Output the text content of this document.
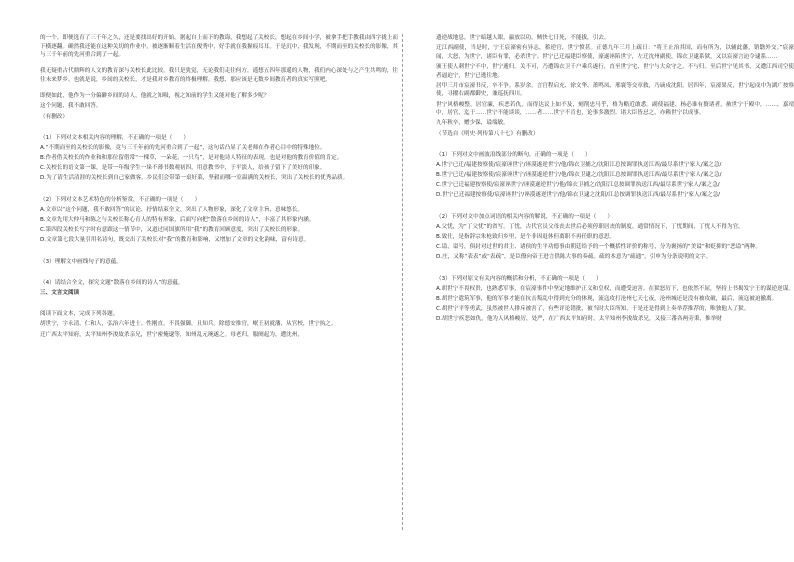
的一个。即便选育了三千年之久，还是要找出好的开始。据起自上而下的教诲，我想起了关校长，想起在乡间小学，被拿手把手教我由四字拢上而下横逐翻。确然我还能在这种关切的作业中，被逐渐顺着生活在俊秀中，好手就在我握痕耳耳。于是沉中，我发现，不期而至的关校长的影像，其与三千年前的先河重合到了一起。

我无疑重古代鼎辉的人文的教育深与关校长此比较，我只是犹觉，无论我们走往何方，遥想五四年那遥的人物，我们内心深处与之产生共鸣的，往往未来梦乡。也就是说，乡间的关校长，才是我对乡教育的终极理解。我想，那应该是无数乡间教育者的真实写照吧。

即便如此，他作为一分偏僻乡间的诗人，他就之知吸，视之知前的学生又能对他了解多少呢？

这个问题，我不敢回答。

（有删改）

（1）下列对文本相关内容的理解，不正确的一项是（　　）

A.“不期而至的关校长的影像，竟与三千年前的先河重合到了一起”，这句话凸显了关老师在作者心目中的特殊地位。

B.作者借关校长的作业和和那位留借常“一棵草，一朵花，一只鸟”，是对他诗人特征的表现，也是对他的教育价值的肯定。

C.关校长的语文第一课，是带一年级学生一垛不薄书数观初四，用意教书中，于平淡人，给孩子留下了美好的印象。

D.为了请生活清涯的关校长到自己家做客，乡民们会带第一桌好菜，坚毅而哪一室温满的关校长，突出了关校长的优秀品质。

（2）下列对文本艺术特色的分析鉴赏，不正确的一项是（　　）

A.文章以“这个问题，我不敢回答”的议论、抒情结束全文，突出了人物形象，深化了文章主旨，意味悠长。

B.文章先用大仲马和陈之与关校长称心育人的特有形象，后面写向把“散落在乡间的诗人”，丰富了其形象内涵。

C.第四段关校长写字时有意跟这一情节中，又道过同国旗所用“我”的教育回顾意度，突出了关校长的形象。

D.文章第七段大量引用名诗句，既交出了关校长对“我”的教育和影响，又增加了文章的文化韵味，富有诗意。

（3）理解文中画线句子的意蕴。

（4）请结合全文，探究文题“散落在乡间的诗人”的意蕴。

三、文言文阅读

阅读下面文本，完成下列各题。

胡世宁，字永清，仁和人，弘治六年进士。性刚直，不畏强御，且知兵。除德安推官，岷王初就藩，从官校，世宁执之。

迁广西太平知府，太平知州李浚故杀亲兄，世宁密掩逮等，知州乱元琬遂之。母老归，服阕起为，遭沈州，

遗逆战地息，世宁暗越人眼，羸放以功。贼快七日死，不能拔，引去。

迁江西副使，当是时，宁王宸濠密有异志，蓄逆官，世宁愤甚。正德九年三月上疏日：“将王止治其国，而有所为，以辅此藩，销翳外交。”宸濠闻，大怒，为世宁，诸臣有罪，必杀世宁。世宁已迁福建臣察使，濠遂诬陷世宁，左迁沈州副使，锦衣卫逮系狱，又以宸濠言迫令逮系……

颁王使人刺世宁不中，世宁遁归。关不可，乃遭锦衣卫千户乘兵遂行，直至世宁宅，世宁与大众守之，不与归。至后世宁见其书，又遭江西司空使者逼迫宁，世宁已逃往地。

居甲三月市宸濠书反，卒不争。系岁余，言官程启充、徐文华、萧鸣凤、邢寰等交章救，乃谪戍沈阳。居四年，宸濠果反，世宁起戍中为湖广按察使，寻擢右副都御史，兼巡抚四川。

世宁风格峻整，居官廉，疾恶若仇，而得达议上如不及，刻削忠马乎，格为略近敢悉。副使福建、杨必谁有赘诸者，赦世宁于殿中，……，嘉靖中，居官，迄于……世宁不能谈谈，……者……世宁不肯也，论事多激烈。诸大臣皆忌之，亦赖世宁以成事。

九年秋卒，赠少保，谥端敏。

（节选自《明史·列传第八十七》有删改）

（1）下列对文中画波浪线部分的断句，正确的一项是（　　）

A.世宁已迁/福建按察使/宸濠诬世宁/诬漠遂逆世宁/他/锦衣卫捕之/沈阳江总按调罪执送江西/最尽系世宁家人/案之急/

B.世宁已迁/福建按察使/宸濠诬世宁/诬漠遂逆世宁/他/锦衣卫逮之/沈阳江总按调罪执送江西/最尽系世宁家人/案之急/

C.世宁已迁福建按察使/宸濠诬世宁/诬漠遂逆世宁/他/锦衣卫捕之/沈阳江总按调罪执送江西/最尽系世宁家人/案之急/

D.世宁已迁福建按察使/宸濠诬世宁/诬漠遂逆世宁/他/锦衣卫逮之沈阳/江总按调罪执送江西/最尽系世宁家人/案之急/

（2）下列对文中加点词语的相关内容的解说，不正确的一项是（　　）

A.父忧，为“丁父忧”的省写。丁忧，古代官员父母丧去世后必须停职居丧的制度。通常情况下，丁忧期间，丁忧人不得为官。

B.致仕，是指辞宗朱枪致归乡里，是个非因退休但离职不再任职的意思。

C.谥，谥号，俱封对过世的君主、诸侯的生平功德事由朝廷给予的一个概括性评价的称号，分为褒扬的“美谥”和贬抑的“恶谥”两种。

D.庄，又称“表表”或“表疏”，是臣僚向帝王进言供陈大事的奏疏。疏的本意为“疏通”，引申为分条说明的文字。

（3）下列对原文有关内容的概括和分析，不正确的一项是（　　）

A.胡世宁不畏权贵，也熟悉军事，在宸濠事件中坚定地维护正义和皇权，而遭受迫害。在狱怒厉下，也依然不屈，坚持上书揭发宁王的谋逆逆谋。

B.胡世宁遣筑军事，他的军事才能在抗击叛乱中得到充分的体现，流寇攻打沧州七天七夜，沧州城还是没有被攻破，最后，流寇被迫撤离。

C.胡世宁平等勇武，虽然被世人排斥被害了，有些评论错批，被当时大臣所知，于是还是得到上奏举荐推荐的，唯独他人了狱。

D.胡世宁疾恶如仇，他为人风格峻厉，处严，在广西太平知府时，太平知州李浚故杀兄，又接三番各两旁秉，推举财
